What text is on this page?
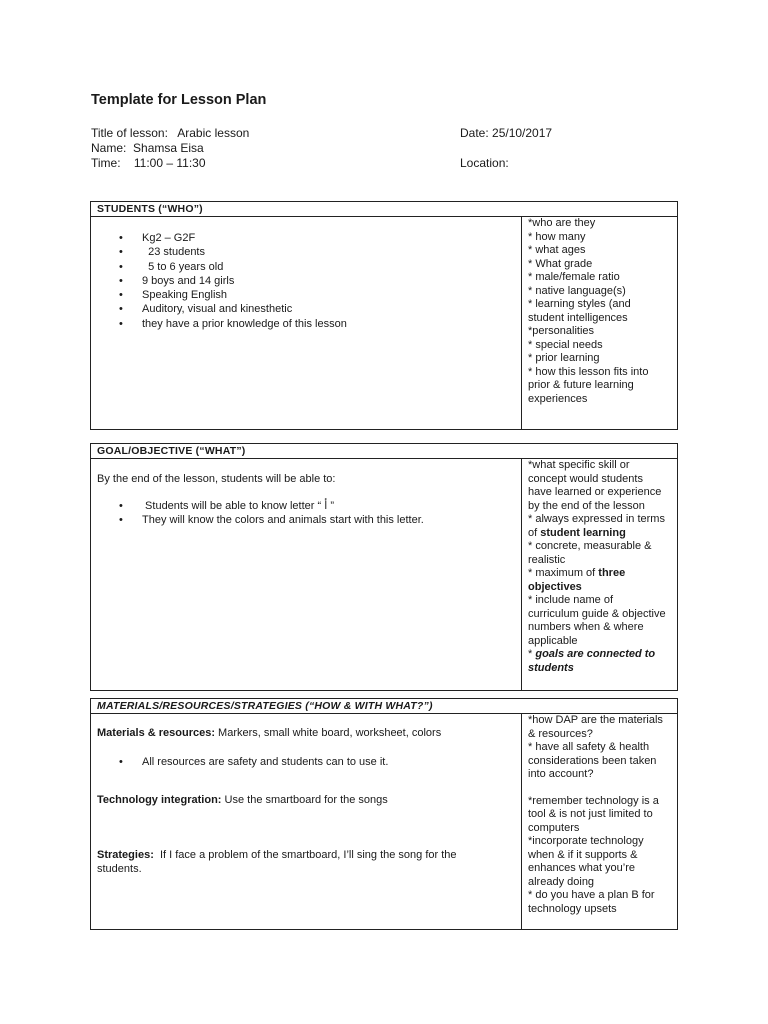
Template for Lesson Plan
Title of lesson:   Arabic lesson
Name:  Shamsa Eisa
Time:    11:00 – 11:30
Date: 25/10/2017

Location:
STUDENTS (“WHO”)
• Kg2 – G2F
•   23 students
•   5 to 6 years old
• 9 boys and 14 girls
• Speaking English
• Auditory, visual and kinesthetic
• they have a prior knowledge of this lesson
*who are they
* how many
* what ages
* What grade
* male/female ratio
* native language(s)
* learning styles (and
student intelligences
*personalities
* special needs
* prior learning
* how this lesson fits into
prior & future learning
experiences
GOAL/OBJECTIVE (“WHAT”)
By the end of the lesson, students will be able to:
•  Students will be able to know letter “ أ ”
• They will know the colors and animals start with this letter.
*what specific skill or
concept would students
have learned or experience
by the end of the lesson
* always expressed in terms
of student learning
* concrete, measurable &
realistic
* maximum of three
objectives
* include name of
curriculum guide & objective
numbers when & where
applicable
* goals are connected to
students
MATERIALS/RESOURCES/STRATEGIES (“HOW & WITH WHAT?”)
Materials & resources: Markers, small white board, worksheet, colors
• All resources are safety and students can to use it.
Technology integration: Use the smartboard for the songs
Strategies:  If I face a problem of the smartboard, I’ll sing the song for the
students.
*how DAP are the materials
& resources?
* have all safety & health
considerations been taken
into account?
*remember technology is a
tool & is not just limited to
computers
*incorporate technology
when & if it supports &
enhances what you’re
already doing
* do you have a plan B for
technology upsets
